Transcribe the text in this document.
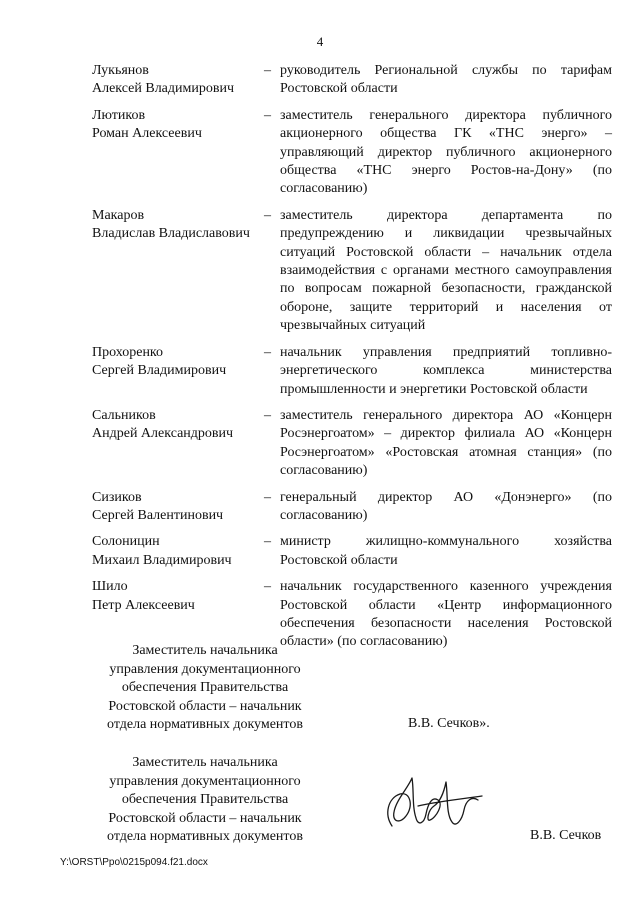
4
Лукьянов
Алексей Владимирович
– руководитель Региональной службы по тарифам Ростовской области
Лютиков
Роман Алексеевич
– заместитель генерального директора публичного акционерного общества ГК «ТНС энерго» – управляющий директор публичного акционерного общества «ТНС энерго Ростов-на-Дону» (по согласованию)
Макаров
Владислав Владиславович
– заместитель директора департамента по предупреждению и ликвидации чрезвычайных ситуаций Ростовской области – начальник отдела взаимодействия с органами местного самоуправления по вопросам пожарной безопасности, гражданской обороне, защите территорий и населения от чрезвычайных ситуаций
Прохоренко
Сергей Владимирович
– начальник управления предприятий топливно-энергетического комплекса министерства промышленности и энергетики Ростовской области
Сальников
Андрей Александрович
– заместитель генерального директора АО «Концерн Росэнергоатом» – директор филиала АО «Концерн Росэнергоатом» «Ростовская атомная станция» (по согласованию)
Сизиков
Сергей Валентинович
– генеральный директор АО «Донэнерго» (по согласованию)
Солоницин
Михаил Владимирович
– министр жилищно-коммунального хозяйства Ростовской области
Шило
Петр Алексеевич
– начальник государственного казенного учреждения Ростовской области «Центр информационного обеспечения безопасности населения Ростовской области» (по согласованию)
Заместитель начальника
управления документационного
обеспечения Правительства
Ростовской области – начальник
отдела нормативных документов	В.В. Сечков».
Заместитель начальника
управления документационного
обеспечения Правительства
Ростовской области – начальник
отдела нормативных документов	В.В. Сечков
Y:\ORST\Ppo\0215p094.f21.docx
